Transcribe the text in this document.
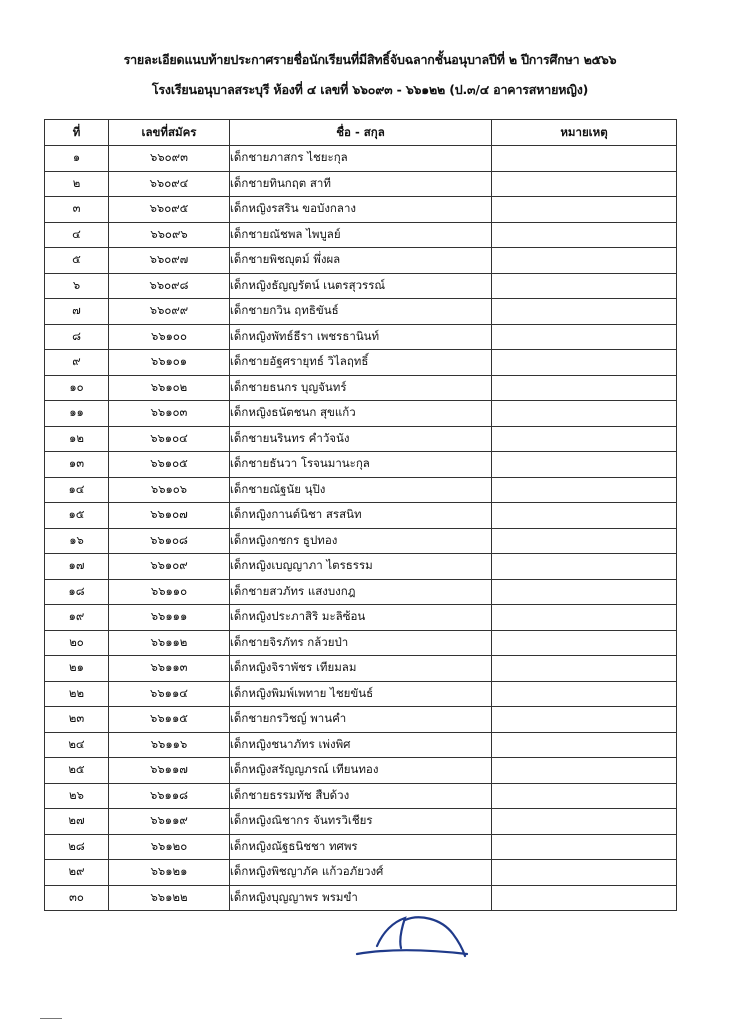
รายละเอียดแนบท้ายประกาศรายชื่อนักเรียนที่มีสิทธิ์จับฉลากชั้นอนุบาลปีที่ ๒ ปีการศึกษา ๒๕๖๖
โรงเรียนอนุบาลสระบุรี ห้องที่ ๔ เลขที่ ๖๖๐๙๓ - ๖๖๑๒๒ (ป.๓/๔ อาคารสหายหญิง)
ที่	เลขที่สมัคร	ชื่อ - สกุล	หมายเหตุ
๑	๖๖๐๙๓	เด็กชายภาสกร ไชยะกุล	
๒	๖๖๐๙๔	เด็กชายทินกฤต สาที	
๓	๖๖๐๙๕	เด็กหญิงรสริน ขอบังกลาง	
๔	๖๖๐๙๖	เด็กชายณัชพล ไพบูลย์	
๕	๖๖๐๙๗	เด็กชายพิชญุตม์ พึ่งผล	
๖	๖๖๐๙๘	เด็กหญิงธัญญรัตน์ เนตรสุวรรณ์	
๗	๖๖๐๙๙	เด็กชายกวิน ฤทธิขันธ์	
๘	๖๖๑๐๐	เด็กหญิงพัทธ์ธีรา เพชรธานินท์	
๙	๖๖๑๐๑	เด็กชายอัฐศรายุทธ์ วิไลฤทธิ์	
๑๐	๖๖๑๐๒	เด็กชายธนกร บุญจันทร์	
๑๑	๖๖๑๐๓	เด็กหญิงธนัตชนก สุขแก้ว	
๑๒	๖๖๑๐๔	เด็กชายนรินทร คำวัจนัง	
๑๓	๖๖๑๐๕	เด็กชายธันวา โรจนมานะกุล	
๑๔	๖๖๑๐๖	เด็กชายณัฐนัย นุปิง	
๑๕	๖๖๑๐๗	เด็กหญิงกานต์นิชา สรสนิท	
๑๖	๖๖๑๐๘	เด็กหญิงกชกร ธูปทอง	
๑๗	๖๖๑๐๙	เด็กหญิงเบญญาภา ไตรธรรม	
๑๘	๖๖๑๑๐	เด็กชายสวภัทร แสงบงกฎ	
๑๙	๖๖๑๑๑	เด็กหญิงประภาสิริ มะลิซ้อน	
๒๐	๖๖๑๑๒	เด็กชายจิรภัทร กล้วยป่า	
๒๑	๖๖๑๑๓	เด็กหญิงจิราพัชร เทียมลม	
๒๒	๖๖๑๑๔	เด็กหญิงพิมพ์เพทาย ไชยขันธ์	
๒๓	๖๖๑๑๕	เด็กชายกรวิชญ์ พานคำ	
๒๔	๖๖๑๑๖	เด็กหญิงชนาภัทร เพ่งพิศ	
๒๕	๖๖๑๑๗	เด็กหญิงสรัญญภรณ์ เทียนทอง	
๒๖	๖๖๑๑๘	เด็กชายธรรมทัช สืบด้วง	
๒๗	๖๖๑๑๙	เด็กหญิงณิชากร จันทรวิเชียร	
๒๘	๖๖๑๒๐	เด็กหญิงณัฐธนิชชา ทศพร	
๒๙	๖๖๑๒๑	เด็กหญิงพิชญาภัค แก้วอภัยวงศ์	
๓๐	๖๖๑๒๒	เด็กหญิงบุญญาพร พรมขำ	
